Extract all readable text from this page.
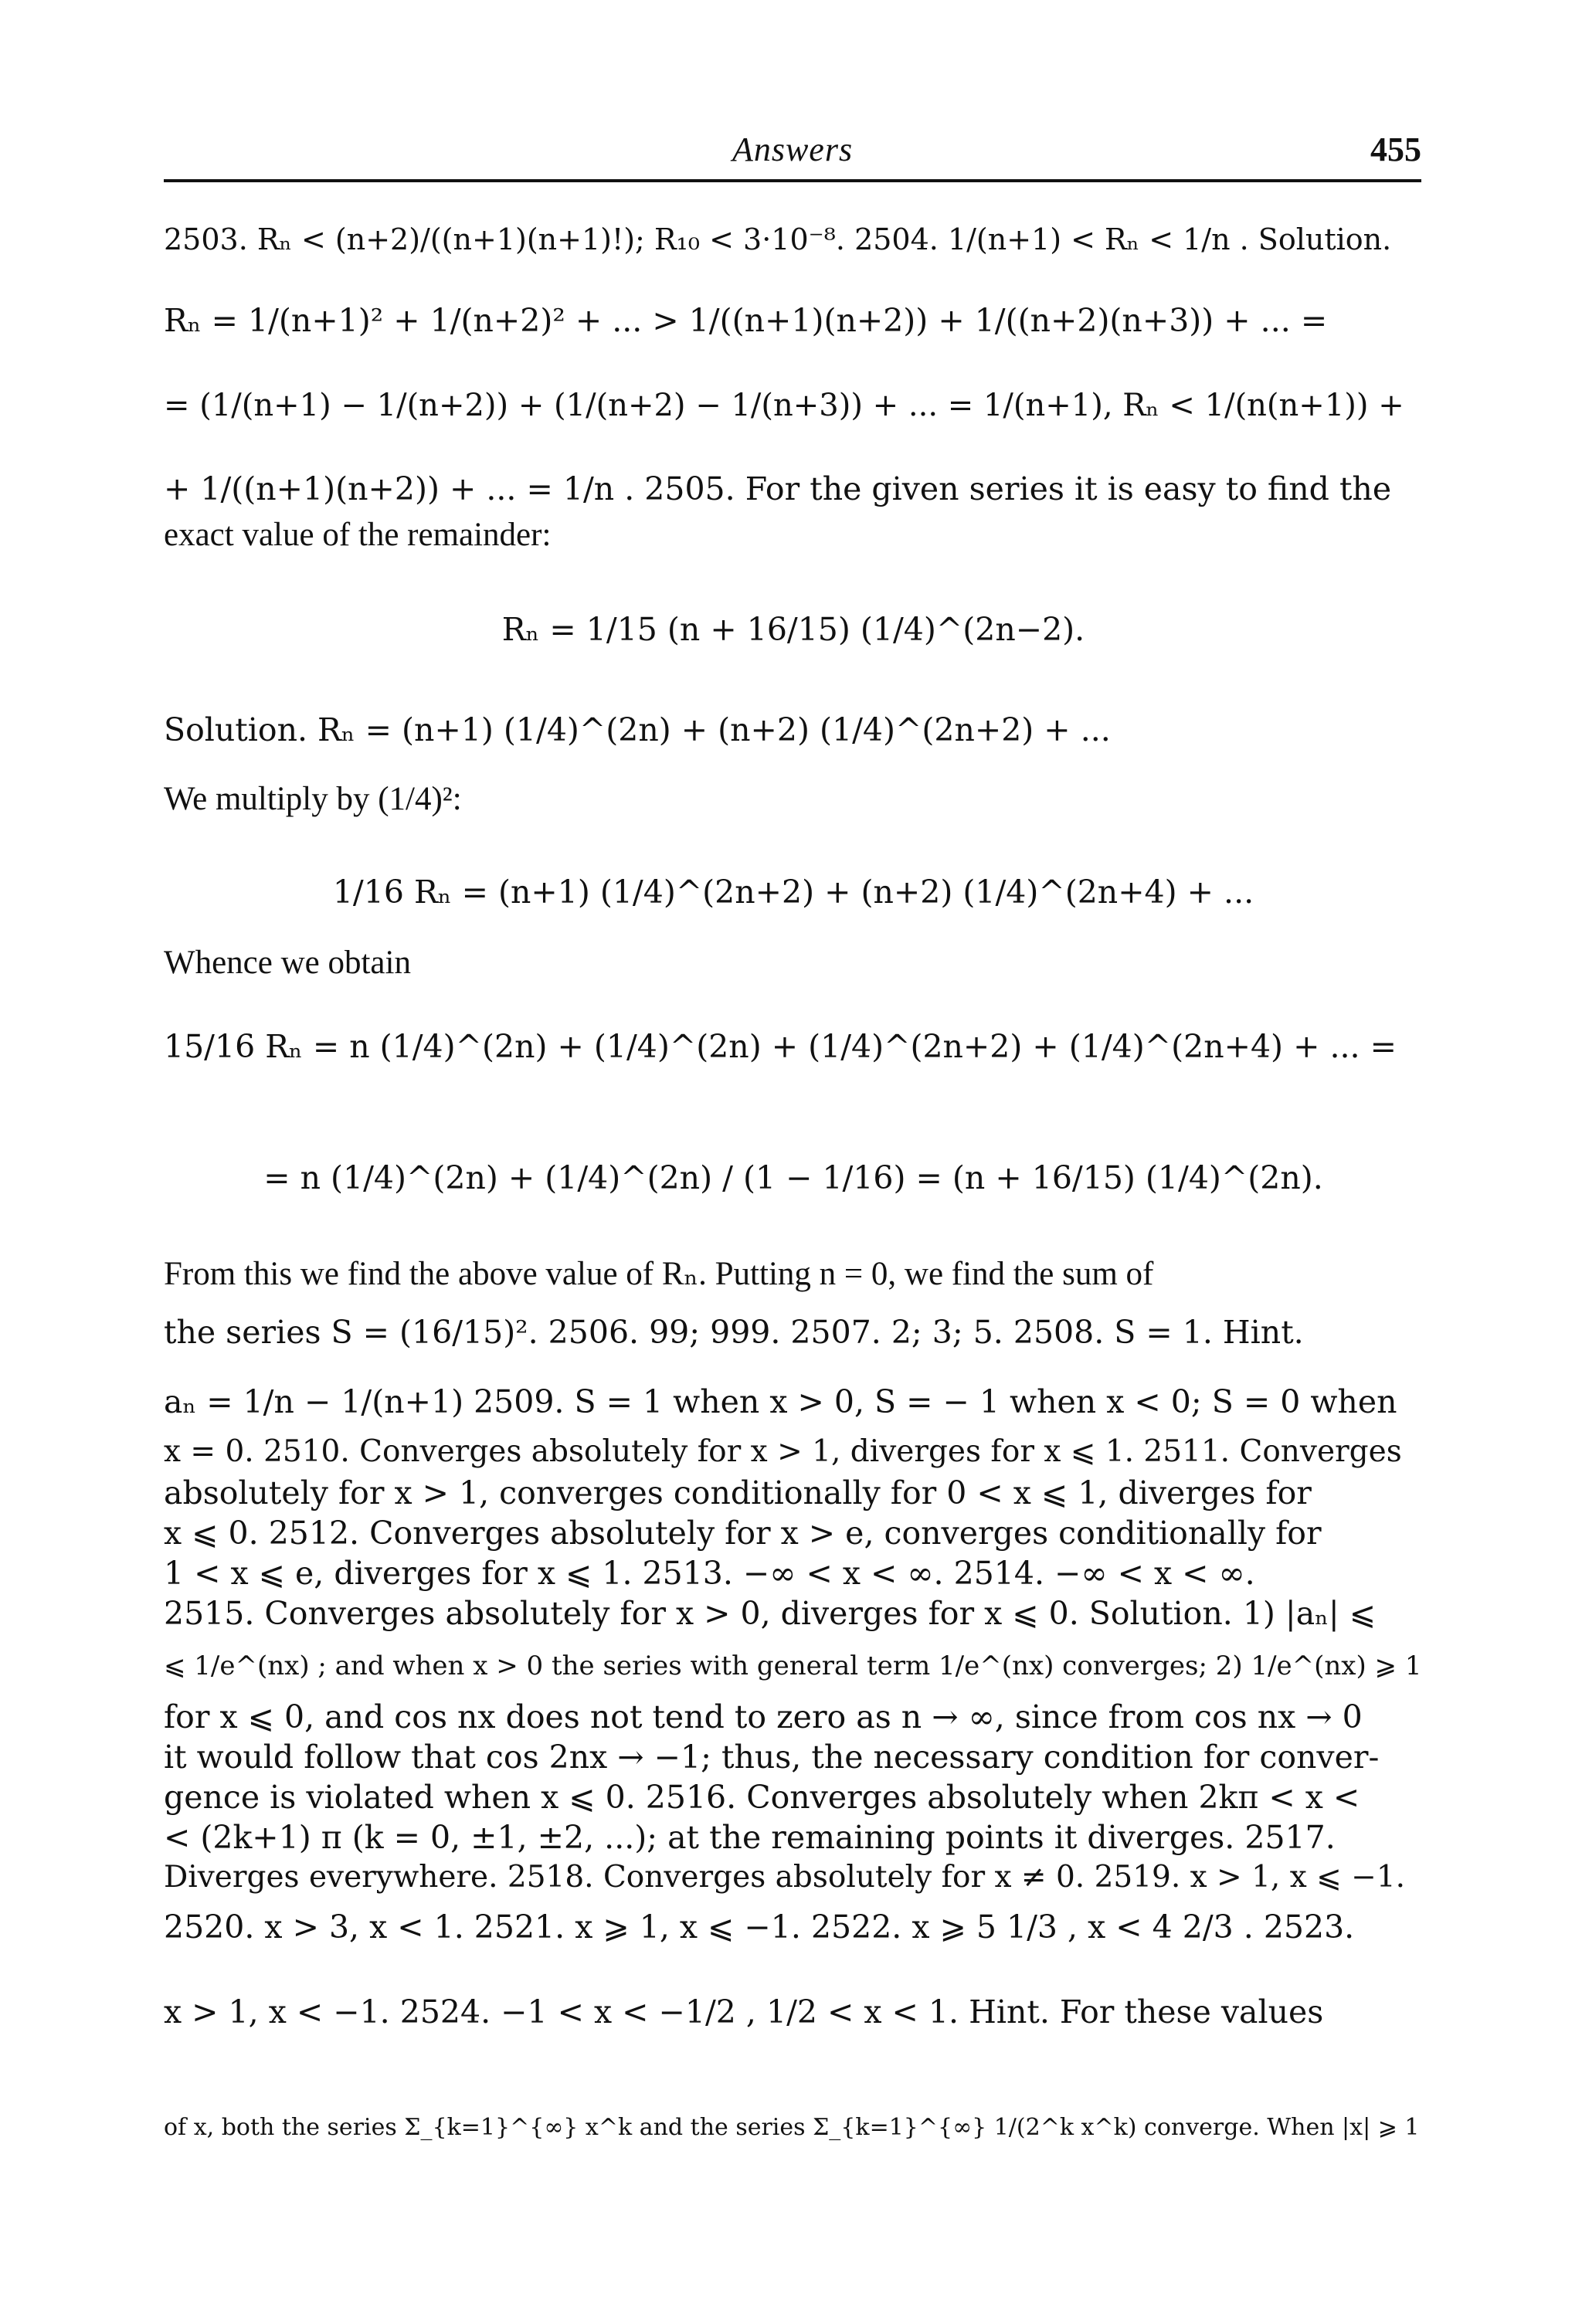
Answers	455
2503. Rₙ < (n+2)/((n+1)(n+1)!); R₁₀ < 3·10⁻⁸. 2504. 1/(n+1) < Rₙ < 1/n . Solution.
Rₙ = 1/(n+1)² + 1/(n+2)² + ... > 1/((n+1)(n+2)) + 1/((n+2)(n+3)) + ... =
= (1/(n+1) − 1/(n+2)) + (1/(n+2) − 1/(n+3)) + ... = 1/(n+1), Rₙ < 1/(n(n+1)) +
+ 1/((n+1)(n+2)) + ... = 1/n . 2505. For the given series it is easy to find the
exact value of the remainder:
Rₙ = 1/15 (n + 16/15) (1/4)^(2n−2).
Solution. Rₙ = (n+1) (1/4)^(2n) + (n+2) (1/4)^(2n+2) + ...
We multiply by (1/4)²:
1/16 Rₙ = (n+1) (1/4)^(2n+2) + (n+2) (1/4)^(2n+4) + ...
Whence we obtain
15/16 Rₙ = n (1/4)^(2n) + (1/4)^(2n) + (1/4)^(2n+2) + (1/4)^(2n+4) + ... =
= n (1/4)^(2n) + (1/4)^(2n) / (1 − 1/16) = (n + 16/15) (1/4)^(2n).
From this we find the above value of Rₙ. Putting n = 0, we find the sum of
the series S = (16/15)². 2506. 99; 999. 2507. 2; 3; 5. 2508. S = 1. Hint.
aₙ = 1/n − 1/(n+1) 2509. S = 1 when x > 0, S = − 1 when x < 0; S = 0 when
x = 0. 2510. Converges absolutely for x > 1, diverges for x ⩽ 1. 2511. Converges
absolutely for x > 1, converges conditionally for 0 < x ⩽ 1, diverges for
x ⩽ 0. 2512. Converges absolutely for x > e, converges conditionally for
1 < x ⩽ e, diverges for x ⩽ 1. 2513. −∞ < x < ∞. 2514. −∞ < x < ∞.
2515. Converges absolutely for x > 0, diverges for x ⩽ 0. Solution. 1) |aₙ| ⩽
⩽ 1/e^(nx) ; and when x > 0 the series with general term 1/e^(nx) converges; 2) 1/e^(nx) ⩾ 1
for x ⩽ 0, and cos nx does not tend to zero as n → ∞, since from cos nx → 0
it would follow that cos 2nx → −1; thus, the necessary condition for conver-
gence is violated when x ⩽ 0. 2516. Converges absolutely when 2kπ < x <
< (2k+1) π (k = 0, ±1, ±2, ...); at the remaining points it diverges. 2517.
Diverges everywhere. 2518. Converges absolutely for x ≠ 0. 2519. x > 1, x ⩽ −1.
2520. x > 3, x < 1. 2521. x ⩾ 1, x ⩽ −1. 2522. x ⩾ 5 1/3 , x < 4 2/3 . 2523.
x > 1, x < −1. 2524. −1 < x < −1/2 , 1/2 < x < 1. Hint. For these values
of x, both the series Σ_{k=1}^{∞} x^k and the series Σ_{k=1}^{∞} 1/(2^k x^k) converge. When |x| ⩾ 1
